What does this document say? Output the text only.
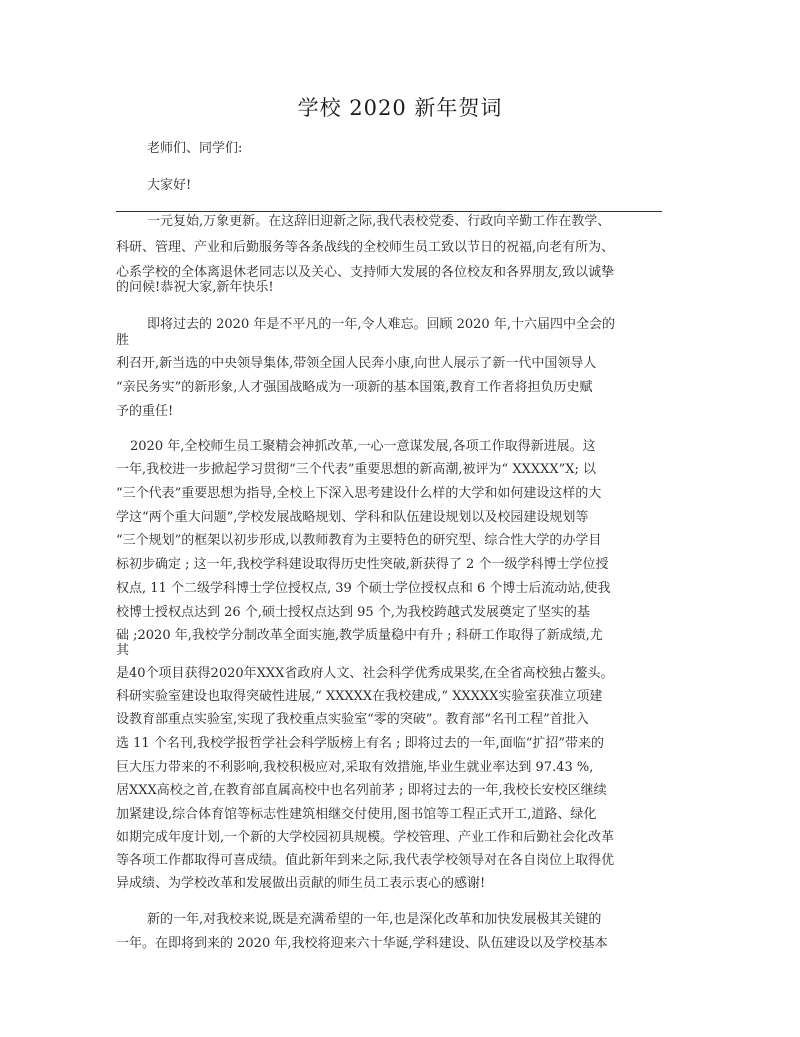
学校 2020 新年贺词
老师们、同学们:
大家好!
一元复始,万象更新。在这辞旧迎新之际,我代表校党委、行政向辛勤工作在教学、
科研、管理、产业和后勤服务等各条战线的全校师生员工致以节日的祝福,向老有所为、
心系学校的全体离退休老同志以及关心、支持师大发展的各位校友和各界朋友,致以诚挚
的问候!恭祝大家,新年快乐!
即将过去的 2020 年是不平凡的一年,令人难忘。回顾 2020 年,十六届四中全会的
胜
利召开,新当选的中央领导集体,带领全国人民奔小康,向世人展示了新一代中国领导人
“亲民务实”的新形象,人才强国战略成为一项新的基本国策,教育工作者将担负历史赋
予的重任!
2020 年,全校师生员工聚精会神抓改革,一心一意谋发展,各项工作取得新进展。这
一年,我校进一步掀起学习贯彻“三个代表”重要思想的新高潮,被评为“ XXXXX”X; 以
“三个代表”重要思想为指导,全校上下深入思考建设什么样的大学和如何建设这样的大
学这“两个重大问题”,学校发展战略规划、学科和队伍建设规划以及校园建设规划等
“三个规划”的框架以初步形成,以教师教育为主要特色的研究型、综合性大学的办学目
标初步确定 ; 这一年,我校学科建设取得历史性突破,新获得了 2 个一级学科博士学位授
权点, 11 个二级学科博士学位授权点, 39 个硕士学位授权点和 6 个博士后流动站,使我
校博士授权点达到 26 个,硕士授权点达到 95 个,为我校跨越式发展奠定了坚实的基
础 ;2020 年,我校学分制改革全面实施,教学质量稳中有升 ; 科研工作取得了新成绩,尤
其
是40个项目获得2020年XXX省政府人文、社会科学优秀成果奖,在全省高校独占鳌头。
科研实验室建设也取得突破性进展,“ XXXXX在我校建成,“ XXXXX实验室获准立项建
设教育部重点实验室,实现了我校重点实验室“零的突破”。教育部“名刊工程”首批入
选 11 个名刊,我校学报哲学社会科学版榜上有名 ; 即将过去的一年,面临“扩招”带来的
巨大压力带来的不利影响,我校积极应对,采取有效措施,毕业生就业率达到 97.43 %,
居XXX高校之首,在教育部直属高校中也名列前茅 ; 即将过去的一年,我校长安校区继续
加紧建设,综合体育馆等标志性建筑相继交付使用,图书馆等工程正式开工,道路、绿化
如期完成年度计划,一个新的大学校园初具规模。学校管理、产业工作和后勤社会化改革
等各项工作都取得可喜成绩。值此新年到来之际,我代表学校领导对在各自岗位上取得优
异成绩、为学校改革和发展做出贡献的师生员工表示衷心的感谢!
新的一年,对我校来说,既是充满希望的一年,也是深化改革和加快发展极其关键的
一年。在即将到来的 2020 年,我校将迎来六十华诞,学科建设、队伍建设以及学校基本
